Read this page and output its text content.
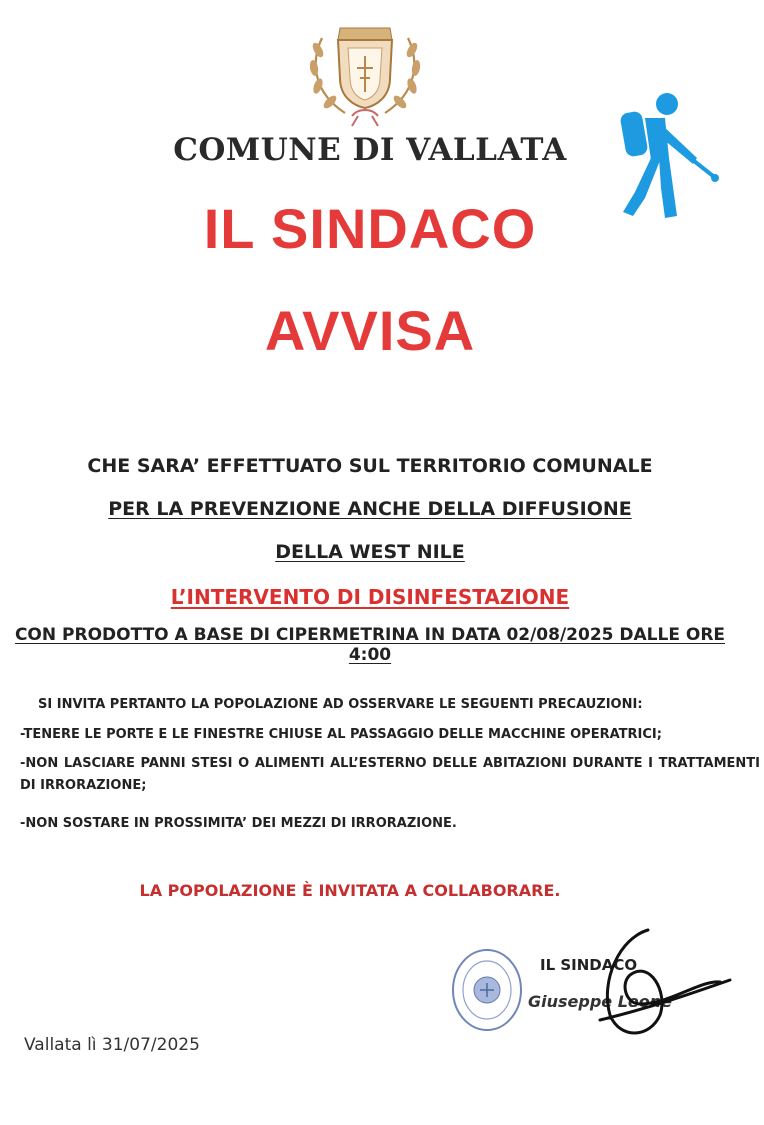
COMUNE DI VALLATA
IL SINDACO
AVVISA
CHE SARA’ EFFETTUATO SUL TERRITORIO COMUNALE
PER LA PREVENZIONE ANCHE DELLA DIFFUSIONE
DELLA WEST NILE
L’INTERVENTO DI DISINFESTAZIONE
CON PRODOTTO A BASE DI CIPERMETRINA IN DATA 02/08/2025 DALLE ORE 4:00
SI INVITA PERTANTO LA POPOLAZIONE AD OSSERVARE LE SEGUENTI PRECAUZIONI:
-TENERE LE PORTE E LE FINESTRE CHIUSE AL PASSAGGIO DELLE MACCHINE OPERATRICI;
-NON LASCIARE PANNI STESI O ALIMENTI ALL’ESTERNO DELLE ABITAZIONI DURANTE I TRATTAMENTI DI IRRORAZIONE;
-NON SOSTARE IN PROSSIMITA’ DEI MEZZI DI IRRORAZIONE.
LA POPOLAZIONE È INVITATA A COLLABORARE.
IL SINDACO
Giuseppe Leone
Vallata lì 31/07/2025
